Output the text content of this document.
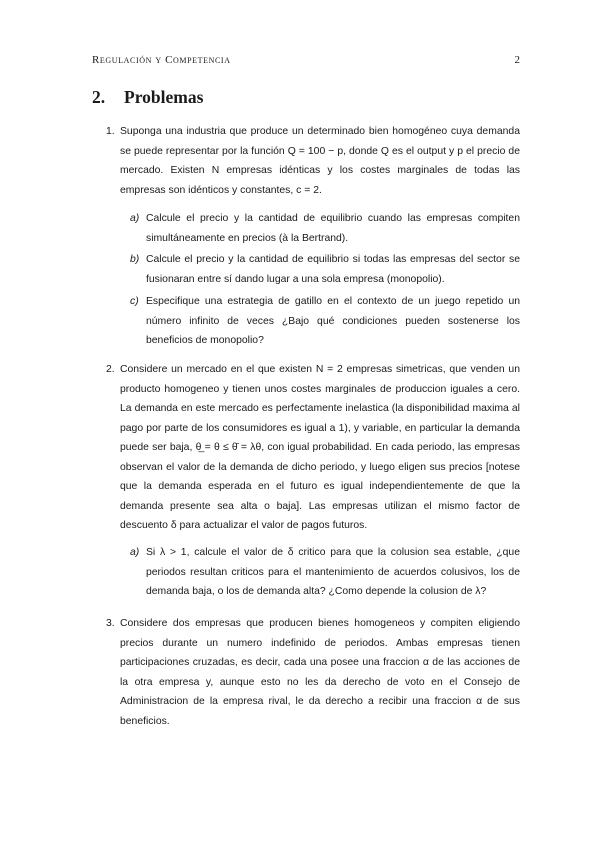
Regulación y Competencia	2
2. Problemas
1. Suponga una industria que produce un determinado bien homogéneo cuya demanda se puede representar por la función Q = 100 − p, donde Q es el output y p el precio de mercado. Existen N empresas idénticas y los costes marginales de todas las empresas son idénticos y constantes, c = 2.

a) Calcule el precio y la cantidad de equilibrio cuando las empresas compiten simultáneamente en precios (à la Bertrand).

b) Calcule el precio y la cantidad de equilibrio si todas las empresas del sector se fusionaran entre sí dando lugar a una sola empresa (monopolio).

c) Especifique una estrategia de gatillo en el contexto de un juego repetido un número infinito de veces ¿Bajo qué condiciones pueden sostenerse los beneficios de monopolio?

2. Considere un mercado en el que existen N = 2 empresas simetricas, que venden un producto homogeneo y tienen unos costes marginales de produccion iguales a cero. La demanda en este mercado es perfectamente inelastica (la disponibilidad maxima al pago por parte de los consumidores es igual a 1), y variable, en particular la demanda puede ser baja, θ̲ = θ ≤ θ̄ = λθ, con igual probabilidad. En cada periodo, las empresas observan el valor de la demanda de dicho periodo, y luego eligen sus precios [notese que la demanda esperada en el futuro es igual independientemente de que la demanda presente sea alta o baja]. Las empresas utilizan el mismo factor de descuento δ para actualizar el valor de pagos futuros.

a) Si λ > 1, calcule el valor de δ critico para que la colusion sea estable, ¿que periodos resultan criticos para el mantenimiento de acuerdos colusivos, los de demanda baja, o los de demanda alta? ¿Como depende la colusion de λ?

3. Considere dos empresas que producen bienes homogeneos y compiten eligiendo precios durante un numero indefinido de periodos. Ambas empresas tienen participaciones cruzadas, es decir, cada una posee una fraccion α de las acciones de la otra empresa y, aunque esto no les da derecho de voto en el Consejo de Administracion de la empresa rival, le da derecho a recibir una fraccion α de sus beneficios.
